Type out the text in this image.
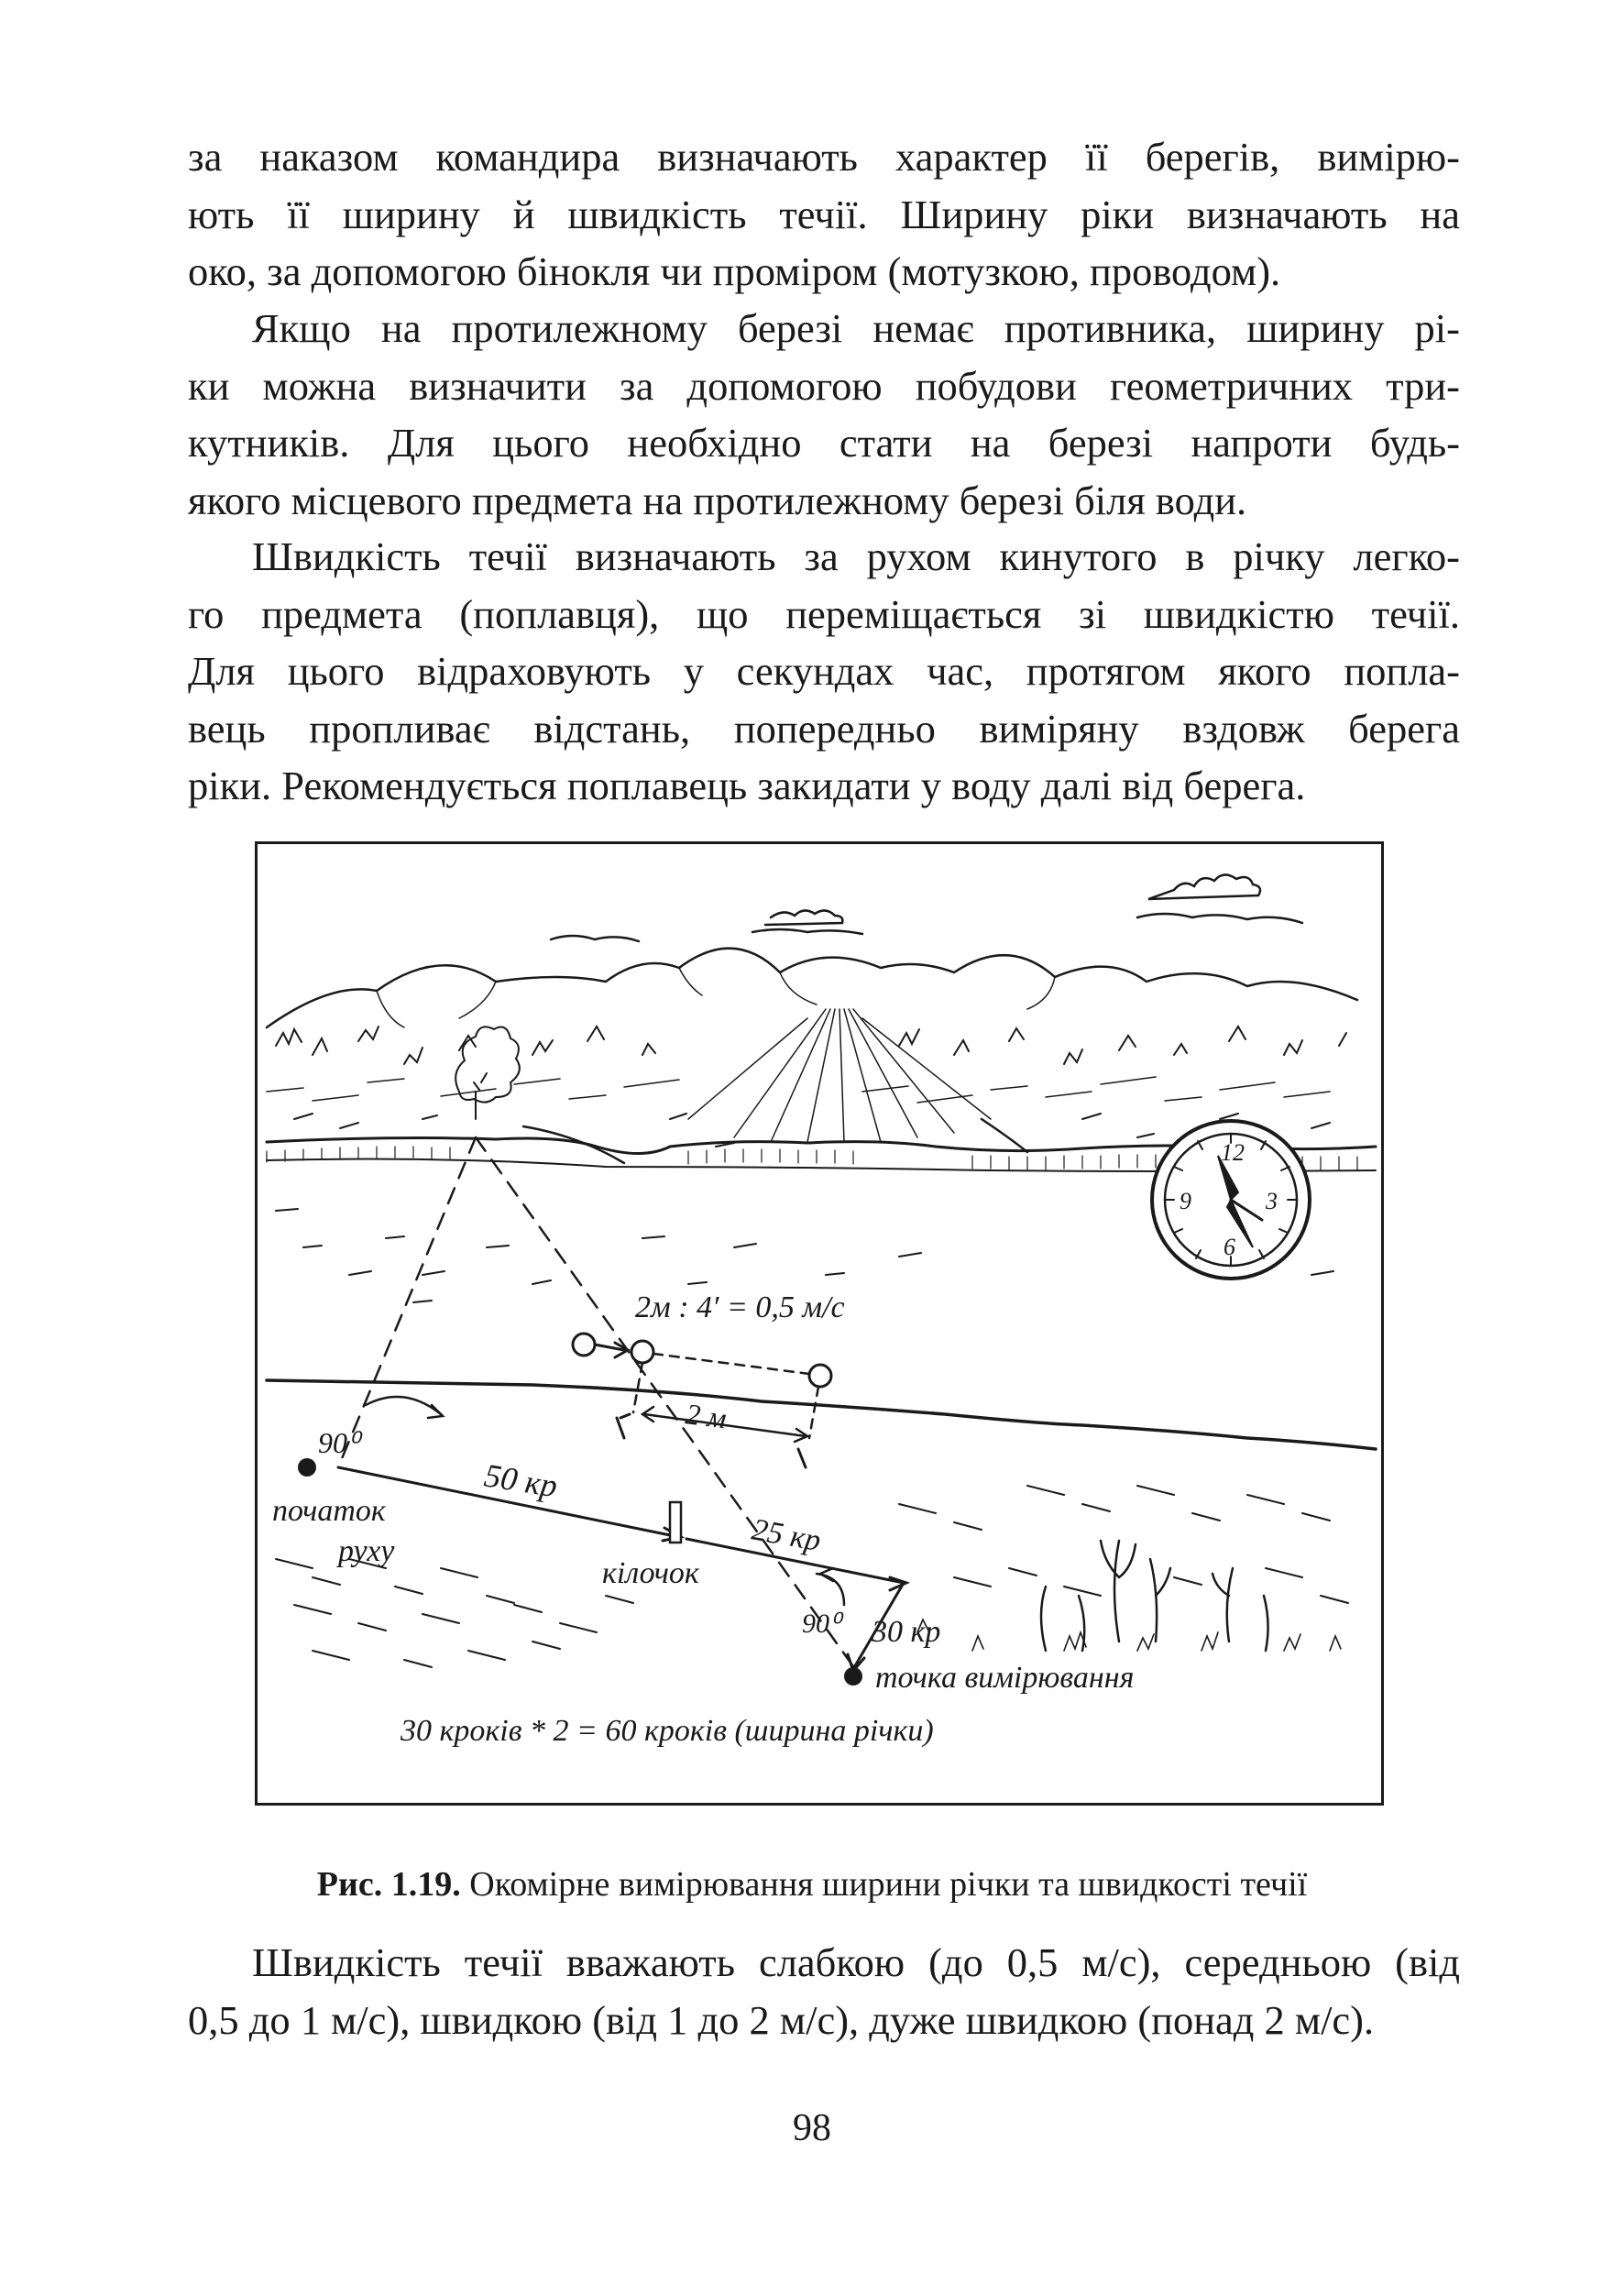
за наказом командира визначають характер її берегів, вимірю-
ють її ширину й швидкість течії. Ширину ріки визначають на
око, за допомогою бінокля чи проміром (мотузкою, проводом).
Якщо на протилежному березі немає противника, ширину рі-
ки можна визначити за допомогою побудови геометричних три-
кутників. Для цього необхідно стати на березі напроти будь-
якого місцевого предмета на протилежному березі біля води.
Швидкість течії визначають за рухом кинутого в річку легко-
го предмета (поплавця), що переміщається зі швидкістю течії.
Для цього відраховують у секундах час, протягом якого попла-
вець пропливає відстань, попередньо виміряну вздовж берега
ріки. Рекомендується поплавець закидати у воду далі від берега.
12
9	3
6
2м : 4′ = 0,5 м/с
2 м
90⁰
50 кр
25 кр
початок
руху
кілочок
90⁰ 30 кр
точка вимірювання
30 кроків * 2 = 60 кроків (ширина річки)
Рис. 1.19. Окомірне вимірювання ширини річки та швидкості течії
Швидкість течії вважають слабкою (до 0,5 м/с), середньою (від
0,5 до 1 м/с), швидкою (від 1 до 2 м/с), дуже швидкою (понад 2 м/с).
98
